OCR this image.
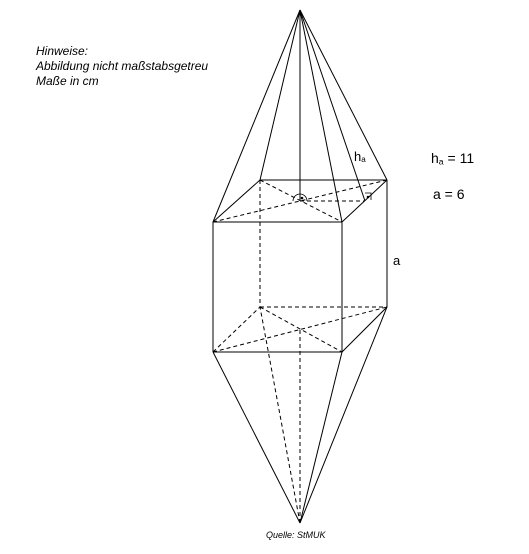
Hinweise:
Abbildung nicht maßstabsgetreu
Maße in cm
$h_a$
a
$h_a = 11$
a = 6
Quelle: StMUK
